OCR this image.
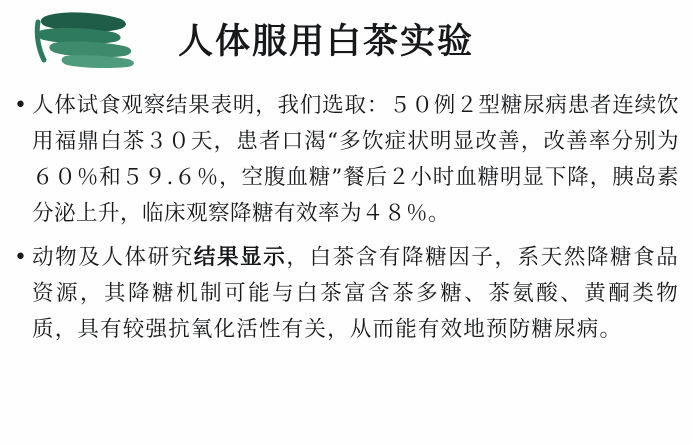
人体服用白茶实验
• 人体试食观察结果表明，我们选取：５０例２型糖尿病患者连续饮用福鼎白茶３０天，患者口渴“多饮症状明显改善，改善率分别为６０％和５９.６％，空腹血糖”餐后２小时血糖明显下降，胰岛素分泌上升，临床观察降糖有效率为４８％。
• 动物及人体研究结果显示，白茶含有降糖因子，系天然降糖食品资源，其降糖机制可能与白茶富含茶多糖、茶氨酸、黄酮类物质，具有较强抗氧化活性有关，从而能有效地预防糖尿病。
